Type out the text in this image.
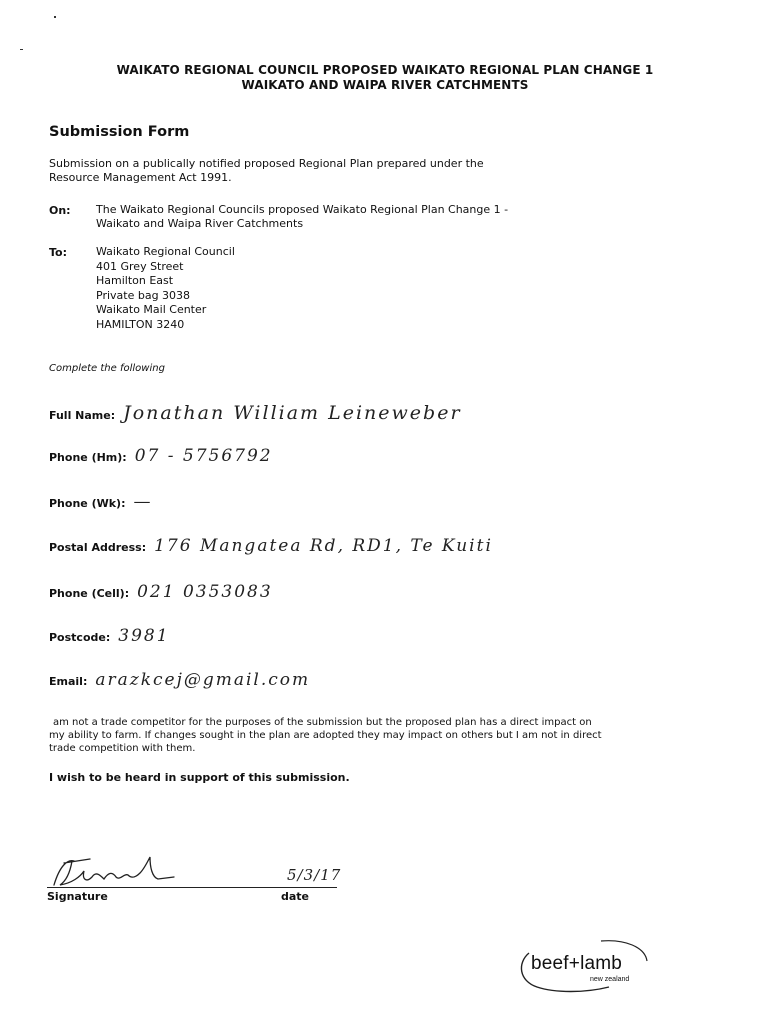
WAIKATO REGIONAL COUNCIL PROPOSED WAIKATO REGIONAL PLAN CHANGE 1
WAIKATO AND WAIPA RIVER CATCHMENTS
Submission Form
Submission on a publically notified proposed Regional Plan prepared under the
Resource Management Act 1991.
On: The Waikato Regional Councils proposed Waikato Regional Plan Change 1 -
Waikato and Waipa River Catchments
To:	Waikato Regional Council
401 Grey Street
Hamilton East
Private bag 3038
Waikato Mail Center
HAMILTON 3240
Complete the following
Full Name: Jonathan William Leineweber
Phone (Hm): 07 - 5756792
Phone (Wk): —
Postal Address: 176 Mangatea Rd, RD1, Te Kuiti
Phone (Cell): 021 0353083
Postcode: 3981
Email: arazkcej@gmail.com
am not a trade competitor for the purposes of the submission but the proposed plan has a direct impact on
my ability to farm. If changes sought in the plan are adopted they may impact on others but I am not in direct
trade competition with them.
I wish to be heard in support of this submission.
5/3/17
Signature	date
beef+lamb
new zealand
